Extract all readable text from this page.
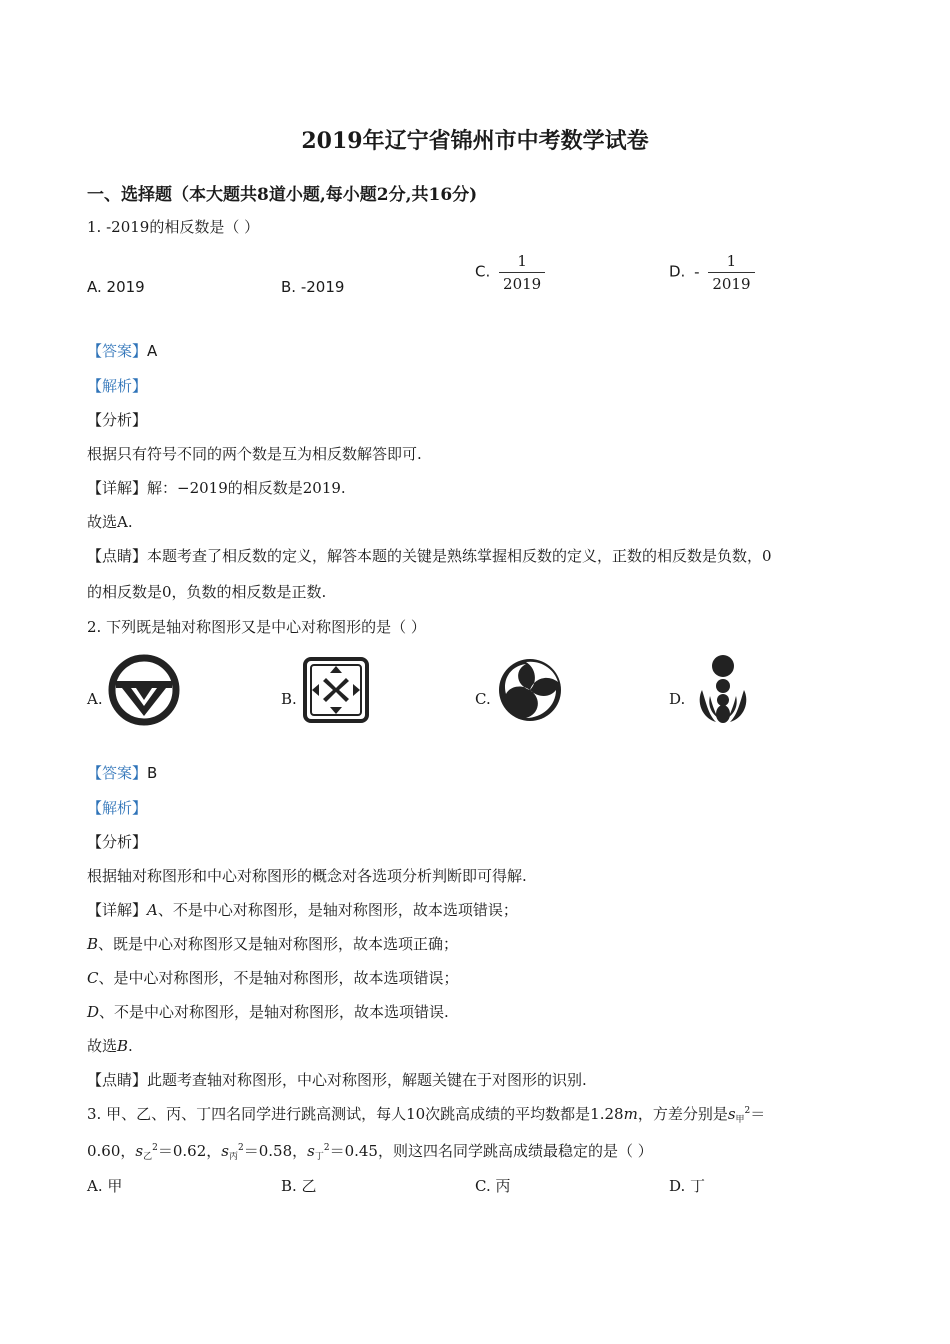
2019年辽宁省锦州市中考数学试卷
一、选择题（本大题共8道小题,每小题2分,共16分)
1. -2019的相反数是（ ）
A. 2019	B. -2019
C. $\frac{1}{2019}$	D. - $\frac{1}{2019}$
【答案】A
【解析】
【分析】
根据只有符号不同的两个数是互为相反数解答即可.
【详解】解：−2019的相反数是2019.
故选A.
【点睛】本题考查了相反数的定义，解答本题的关键是熟练掌握相反数的定义，正数的相反数是负数，0
的相反数是0，负数的相反数是正数.
2. 下列既是轴对称图形又是中心对称图形的是（ ）
A.	B.	C.	D.
【答案】B
【解析】
【分析】
根据轴对称图形和中心对称图形的概念对各选项分析判断即可得解.
【详解】A、不是中心对称图形，是轴对称图形，故本选项错误；
B、既是中心对称图形又是轴对称图形，故本选项正确；
C、是中心对称图形，不是轴对称图形，故本选项错误；
D、不是中心对称图形，是轴对称图形，故本选项错误.
故选B.
【点睛】此题考查轴对称图形，中心对称图形，解题关键在于对图形的识别.
3. 甲、乙、丙、丁四名同学进行跳高测试，每人10次跳高成绩的平均数都是1.28m，方差分别是$s_甲^2=$
0.60，$s_乙^2=0.62$，$s_丙^2=0.58$，$s_丁^2=0.45$，则这四名同学跳高成绩最稳定的是（ ）
A. 甲	B. 乙	C. 丙	D. 丁
